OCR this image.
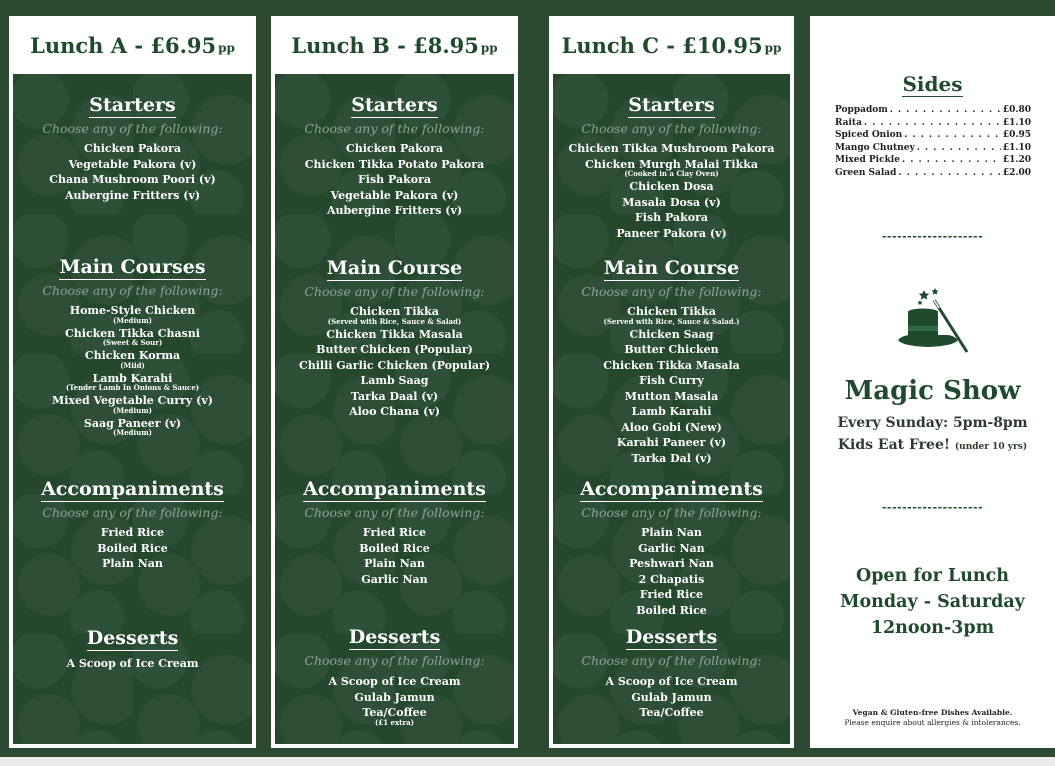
Lunch A - £6.95 pp
Starters
Choose any of the following:
Chicken Pakora
Vegetable Pakora (v)
Chana Mushroom Poori (v)
Aubergine Fritters (v)
Main Courses
Choose any of the following:
Home-Style Chicken
(Medium)
Chicken Tikka Chasni
(Sweet & Sour)
Chicken Korma
(Mild)
Lamb Karahi
(Tender Lamb In Onions & Sauce)
Mixed Vegetable Curry (v)
(Medium)
Saag Paneer (v)
(Medium)
Accompaniments
Choose any of the following:
Fried Rice
Boiled Rice
Plain Nan
Desserts
A Scoop of Ice Cream
Lunch B - £8.95 pp
Starters
Choose any of the following:
Chicken Pakora
Chicken Tikka Potato Pakora
Fish Pakora
Vegetable Pakora (v)
Aubergine Fritters (v)
Main Course
Choose any of the following:
Chicken Tikka
(Served with Rice, Sauce & Salad)
Chicken Tikka Masala
Butter Chicken (Popular)
Chilli Garlic Chicken (Popular)
Lamb Saag
Tarka Daal (v)
Aloo Chana (v)
Accompaniments
Choose any of the following:
Fried Rice
Boiled Rice
Plain Nan
Garlic Nan
Desserts
Choose any of the following:
A Scoop of Ice Cream
Gulab Jamun
Tea/Coffee
(£1 extra)
Lunch C - £10.95 pp
Starters
Choose any of the following:
Chicken Tikka Mushroom Pakora
Chicken Murgh Malai Tikka
(Cooked in a Clay Oven)
Chicken Dosa
Masala Dosa (v)
Fish Pakora
Paneer Pakora (v)
Main Course
Choose any of the following:
Chicken Tikka
(Served with Rice, Sauce & Salad.)
Chicken Saag
Butter Chicken
Chicken Tikka Masala
Fish Curry
Mutton Masala
Lamb Karahi
Aloo Gobi (New)
Karahi Paneer (v)
Tarka Dal (v)
Accompaniments
Choose any of the following:
Plain Nan
Garlic Nan
Peshwari Nan
2 Chapatis
Fried Rice
Boiled Rice
Desserts
Choose any of the following:
A Scoop of Ice Cream
Gulab Jamun
Tea/Coffee
Sides
Poppadom . . .	£0.80
Raita . . .	£1.10
Spiced Onion . . .	£0.95
Mango Chutney . . .	£1.10
Mixed Pickle . . .	£1.20
Green Salad . . .	£2.00
--------------------
Magic Show
Every Sunday: 5pm-8pm
Kids Eat Free! (under 10 yrs)
--------------------
Open for Lunch
Monday - Saturday
12noon-3pm
Vegan & Gluten-free Dishes Available.
Please enquire about allergies & intolerances.
